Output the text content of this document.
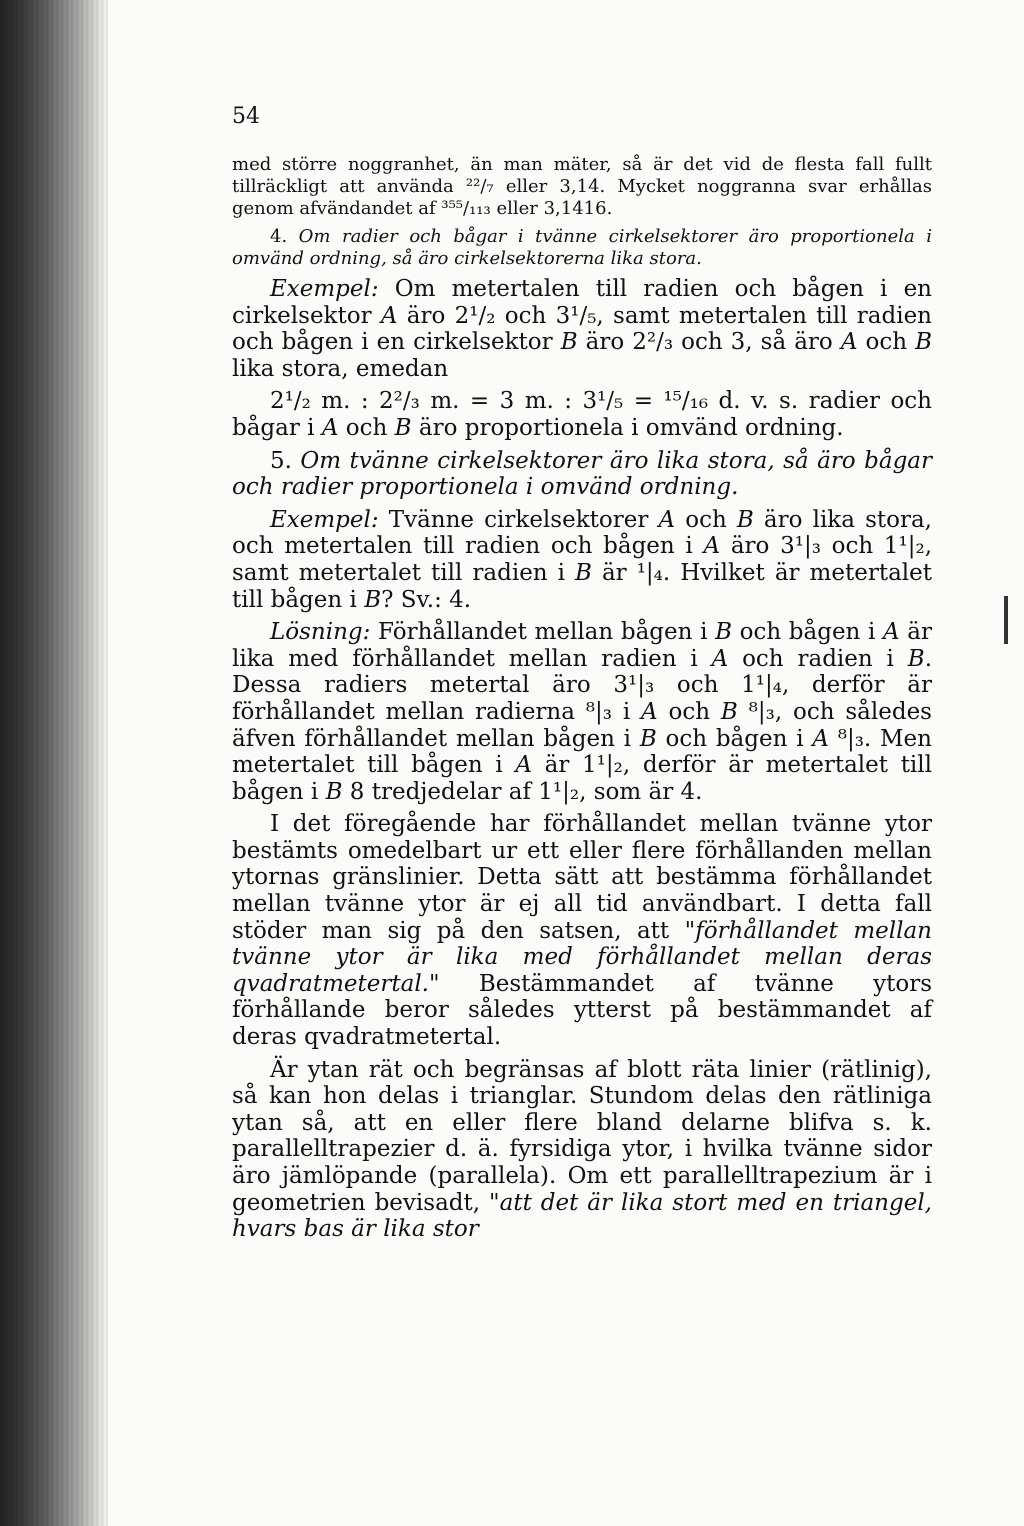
54

med större noggranhet, än man mäter, så är det vid de flesta fall fullt tillräckligt att använda ²²/₇ eller 3,14. Mycket noggranna svar erhållas genom afvändandet af ³⁵⁵/₁₁₃ eller 3,1416.

4. Om radier och bågar i tvänne cirkelsektorer äro proportionela i omvänd ordning, så äro cirkelsektorerna lika stora.

Exempel: Om metertalen till radien och bågen i en cirkelsektor A äro 2¹/₂ och 3¹/₅, samt metertalen till radien och bågen i en cirkelsektor B äro 2²/₃ och 3, så äro A och B lika stora, emedan

2¹/₂ m. : 2²/₃ m. = 3 m. : 3¹/₅ = ¹⁵/₁₆ d. v. s. radier och bågar i A och B äro proportionela i omvänd ordning.

5. Om tvänne cirkelsektorer äro lika stora, så äro bågar och radier proportionela i omvänd ordning.

Exempel: Tvänne cirkelsektorer A och B äro lika stora, och metertalen till radien och bågen i A äro 3¹|₃ och 1¹|₂, samt metertalet till radien i B är ¹|₄. Hvilket är metertalet till bågen i B? Sv.: 4.

Lösning: Förhållandet mellan bågen i B och bågen i A är lika med förhållandet mellan radien i A och radien i B. Dessa radiers metertal äro 3¹|₃ och 1¹|₄, derför är förhållandet mellan radierna ⁸|₃ i A och B ⁸|₃, och således äfven förhållandet mellan bågen i B och bågen i A ⁸|₃. Men metertalet till bågen i A är 1¹|₂, derför är metertalet till bågen i B 8 tredjedelar af 1¹|₂, som är 4.

I det föregående har förhållandet mellan tvänne ytor bestämts omedelbart ur ett eller flere förhållanden mellan ytornas gränslinier. Detta sätt att bestämma förhållandet mellan tvänne ytor är ej all tid användbart. I detta fall stöder man sig på den satsen, att "förhållandet mellan tvänne ytor är lika med förhållandet mellan deras qvadratmetertal." Bestämmandet af tvänne ytors förhållande beror således ytterst på bestämmandet af deras qvadratmetertal.

Är ytan rät och begränsas af blott räta linier (rätlinig), så kan hon delas i trianglar. Stundom delas den rätliniga ytan så, att en eller flere bland delarne blifva s. k. parallelltrapezier d. ä. fyrsidiga ytor, i hvilka tvänne sidor äro jämlöpande (parallela). Om ett parallelltrapezium är i geometrien bevisadt, "att det är lika stort med en triangel, hvars bas är lika stor
